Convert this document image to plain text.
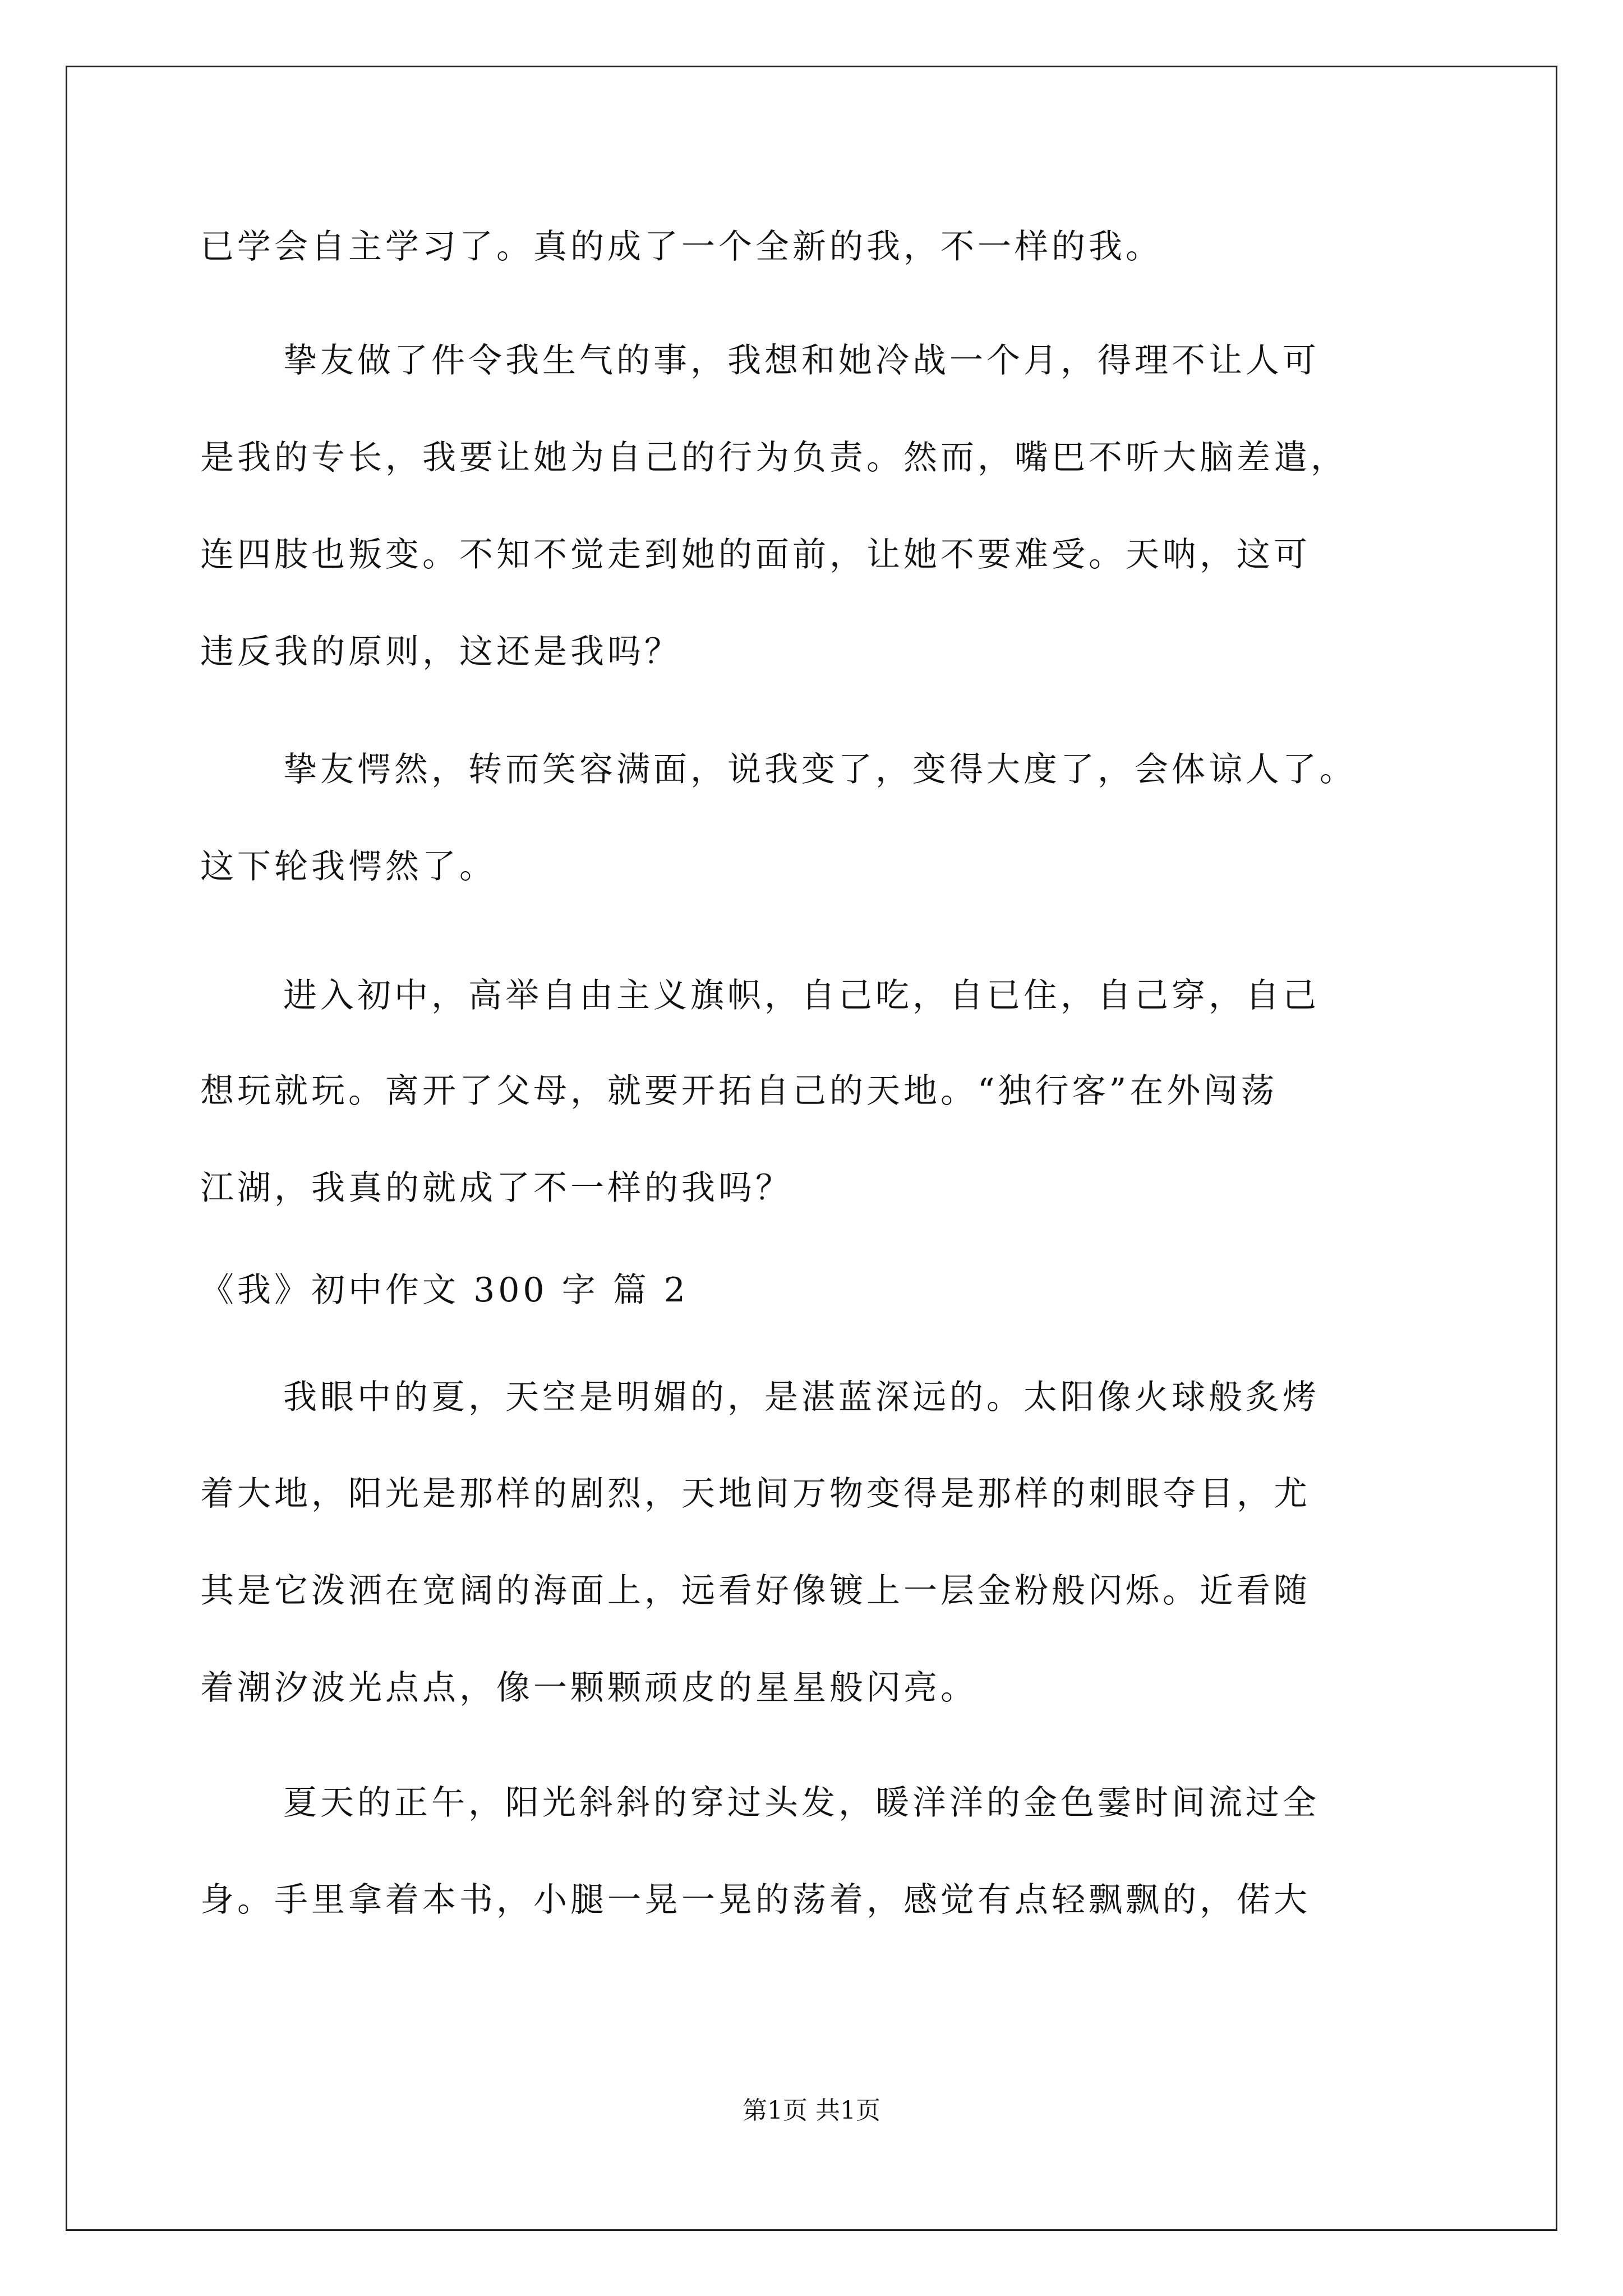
已学会自主学习了。真的成了一个全新的我，不一样的我。
挚友做了件令我生气的事，我想和她冷战一个月，得理不让人可
是我的专长，我要让她为自己的行为负责。然而，嘴巴不听大脑差遣，
连四肢也叛变。不知不觉走到她的面前，让她不要难受。天呐，这可
违反我的原则，这还是我吗？
挚友愕然，转而笑容满面，说我变了，变得大度了，会体谅人了。
这下轮我愕然了。
进入初中，高举自由主义旗帜，自己吃，自已住，自己穿，自己
想玩就玩。离开了父母，就要开拓自己的天地。“独行客”在外闯荡
江湖，我真的就成了不一样的我吗？
《我》初中作文 300 字 篇 2
我眼中的夏，天空是明媚的，是湛蓝深远的。太阳像火球般炙烤
着大地，阳光是那样的剧烈，天地间万物变得是那样的刺眼夺目，尤
其是它泼洒在宽阔的海面上，远看好像镀上一层金粉般闪烁。近看随
着潮汐波光点点，像一颗颗顽皮的星星般闪亮。
夏天的正午，阳光斜斜的穿过头发，暖洋洋的金色霎时间流过全
身。手里拿着本书，小腿一晃一晃的荡着，感觉有点轻飘飘的，偌大
第1页 共1页
